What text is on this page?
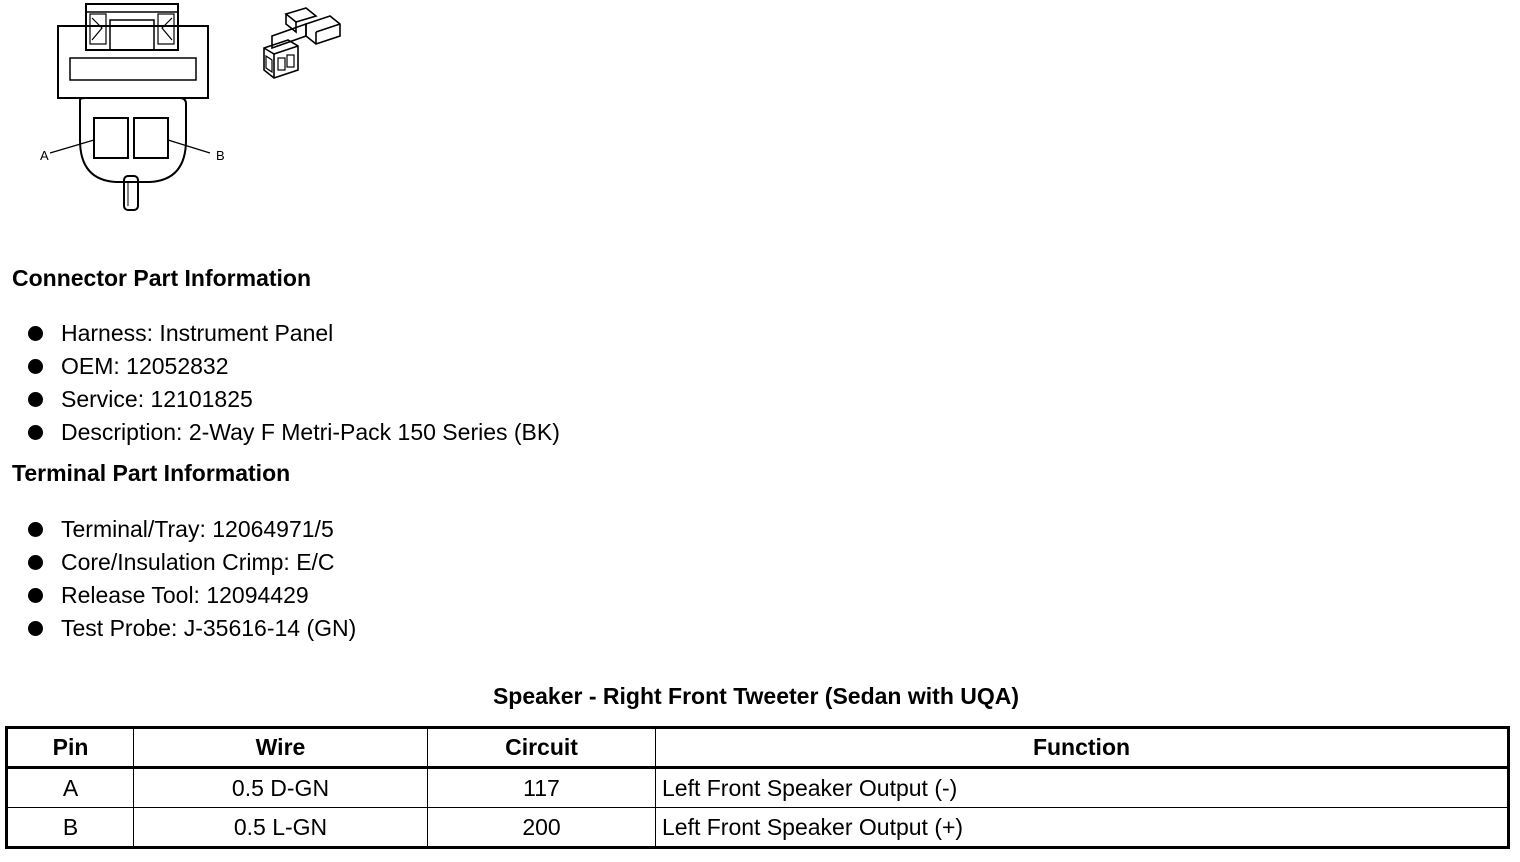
A	B
Connector Part Information
Harness: Instrument Panel
OEM: 12052832
Service: 12101825
Description: 2-Way F Metri-Pack 150 Series (BK)
Terminal Part Information
Terminal/Tray: 12064971/5
Core/Insulation Crimp: E/C
Release Tool: 12094429
Test Probe: J-35616-14 (GN)

Speaker - Right Front Tweeter (Sedan with UQA)

Pin	Wire	Circuit	Function
A	0.5 D-GN	117	Left Front Speaker Output (-)
B	0.5 L-GN	200	Left Front Speaker Output (+)
